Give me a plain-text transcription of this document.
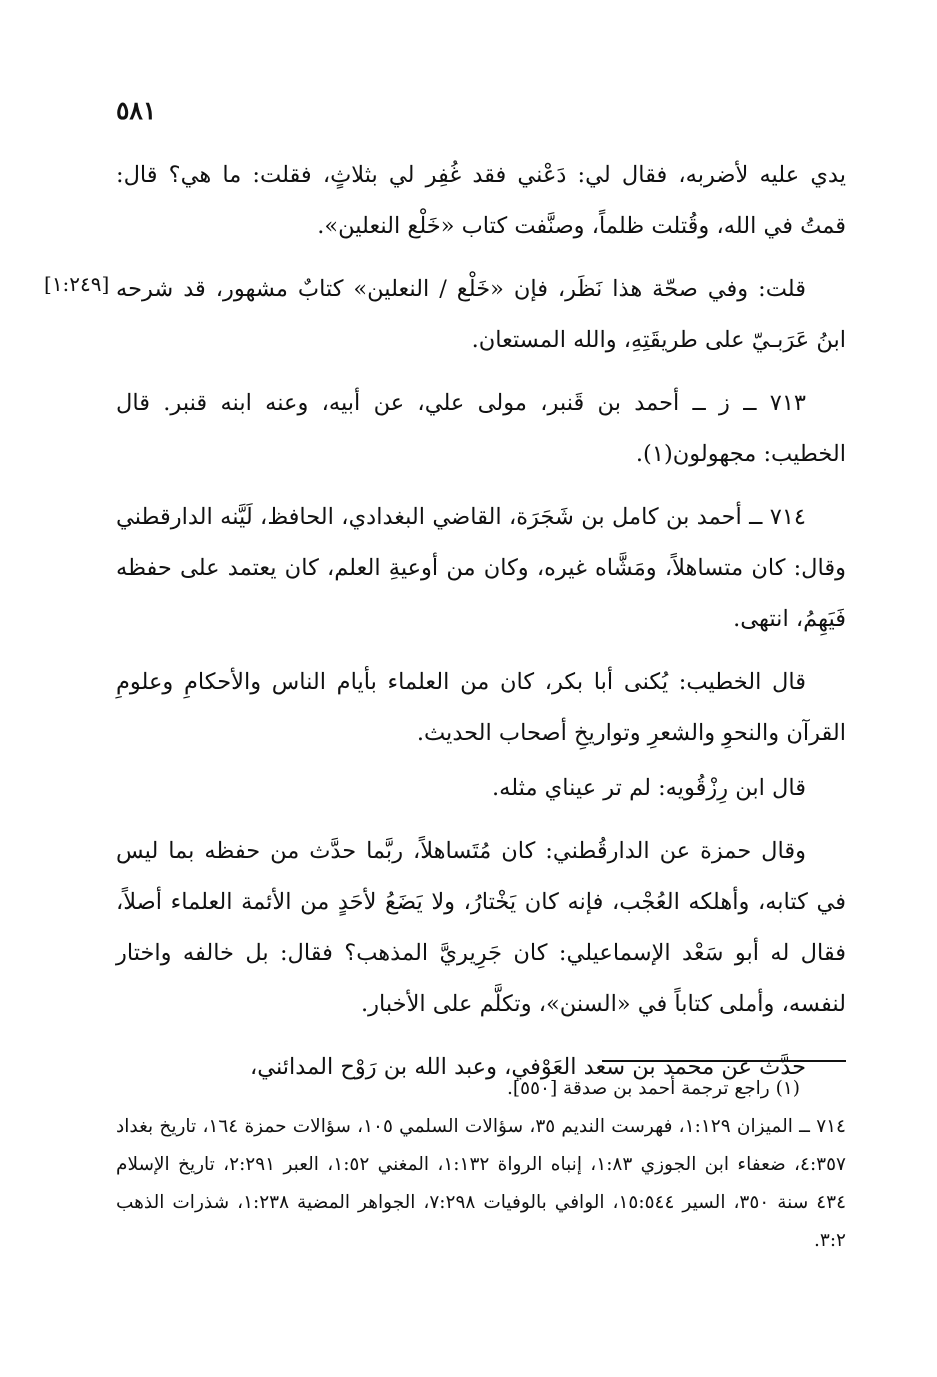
٥٨١
[١:٢٤٩]

يدي عليه لأضربه، فقال لي: دَعْني فقد غُفِر لي بثلاثٍ، فقلت: ما هي؟ قال: قمتُ في الله، وقُتلت ظلماً، وصنَّفت كتاب «خَلْع النعلين».

قلت: وفي صحّة هذا نَظَر، فإن «خَلْع / النعلين» كتابٌ مشهور، قد شرحه ابنُ عَرَبـيّ على طريقَتِهِ، والله المستعان.

٧١٣ ــ ز ــ أحمد بن قَنبر، مولى علي، عن أبيه، وعنه ابنه قنبر. قال الخطيب: مجهولون(١).

٧١٤ ــ أحمد بن كامل بن شَجَرَة، القاضي البغدادي، الحافظ، لَيَّنه الدارقطني وقال: كان متساهلاً، ومَشَّاه غيره، وكان من أوعيةِ العلم، كان يعتمد على حفظه فَيَهِمُ، انتهى.

قال الخطيب: يُكنى أبا بكر، كان من العلماء بأيام الناس والأحكامِ وعلومِ القرآن والنحوِ والشعرِ وتواريخِ أصحاب الحديث.

قال ابن رِزْقُويه: لم تر عيناي مثله.

وقال حمزة عن الدارقُطني: كان مُتَساهلاً، ربَّما حدَّث من حفظه بما ليس في كتابه، وأهلكه العُجْب، فإنه كان يَخْتارُ، ولا يَضَعُ لأحَدٍ من الأئمة العلماء أصلاً، فقال له أبو سَعْد الإسماعيلي: كان جَرِيريَّ المذهب؟ فقال: بل خالفه واختار لنفسه، وأملى كتاباً في «السنن»، وتكلَّم على الأخبار.

حدَّث عن محمد بن سعد العَوْفي، وعبد الله بن رَوْح المدائني،

(١) راجع ترجمة أحمد بن صدقة [٥٥٠].

٧١٤ ــ الميزان ١:١٢٩، فهرست النديم ٣٥، سؤالات السلمي ١٠٥، سؤالات حمزة ١٦٤، تاريخ بغداد ٤:٣٥٧، ضعفاء ابن الجوزي ١:٨٣، إنباه الرواة ١:١٣٢، المغني ١:٥٢، العبر ٢:٢٩١، تاريخ الإسلام ٤٣٤ سنة ٣٥٠، السير ١٥:٥٤٤، الوافي بالوفيات ٧:٢٩٨، الجواهر المضية ١:٢٣٨، شذرات الذهب ٣:٢.
